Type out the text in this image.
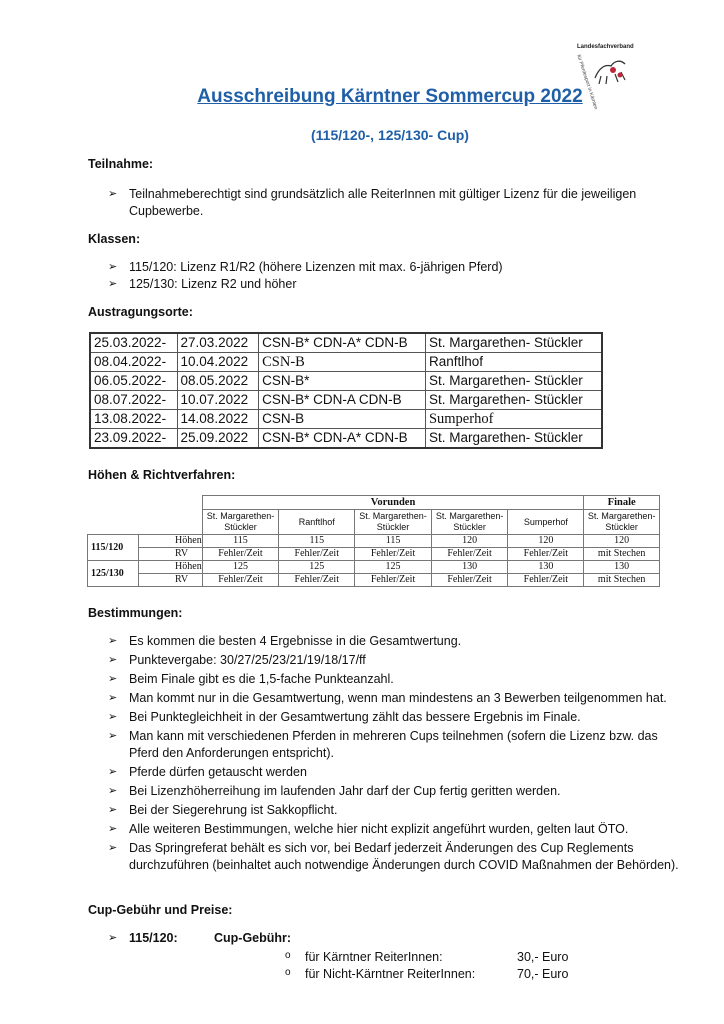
Landesfachverband
für Pferdesport in Kärnten
Ausschreibung Kärntner Sommercup 2022
(115/120-, 125/130- Cup)
Teilnahme:
➢ Teilnahmeberechtigt sind grundsätzlich alle ReiterInnen mit gültiger Lizenz für die jeweiligen Cupbewerbe.
Klassen:
➢ 115/120: Lizenz R1/R2 (höhere Lizenzen mit max. 6-jährigen Pferd)
➢ 125/130: Lizenz R2 und höher
Austragungsorte:
25.03.2022-	27.03.2022	CSN-B* CDN-A* CDN-B	St. Margarethen- Stückler
08.04.2022-	10.04.2022	CSN-B	Ranftlhof
06.05.2022-	08.05.2022	CSN-B*	St. Margarethen- Stückler
08.07.2022-	10.07.2022	CSN-B* CDN-A CDN-B	St. Margarethen- Stückler
13.08.2022-	14.08.2022	CSN-B	Sumperhof
23.09.2022-	25.09.2022	CSN-B* CDN-A* CDN-B	St. Margarethen- Stückler
Höhen & Richtverfahren:
		Vorunden					Finale
		St. Margarethen-Stückler	Ranftlhof	St. Margarethen-Stückler	St. Margarethen-Stückler	Sumperhof	St. Margarethen-Stückler
115/120	Höhen	115	115	115	120	120	120
	RV	Fehler/Zeit	Fehler/Zeit	Fehler/Zeit	Fehler/Zeit	Fehler/Zeit	mit Stechen
125/130	Höhen	125	125	125	130	130	130
	RV	Fehler/Zeit	Fehler/Zeit	Fehler/Zeit	Fehler/Zeit	Fehler/Zeit	mit Stechen
Bestimmungen:
➢ Es kommen die besten 4 Ergebnisse in die Gesamtwertung.
➢ Punktevergabe: 30/27/25/23/21/19/18/17/ff
➢ Beim Finale gibt es die 1,5-fache Punkteanzahl.
➢ Man kommt nur in die Gesamtwertung, wenn man mindestens an 3 Bewerben teilgenommen hat.
➢ Bei Punktegleichheit in der Gesamtwertung zählt das bessere Ergebnis im Finale.
➢ Man kann mit verschiedenen Pferden in mehreren Cups teilnehmen (sofern die Lizenz bzw. das Pferd den Anforderungen entspricht).
➢ Pferde dürfen getauscht werden
➢ Bei Lizenzhöherreihung im laufenden Jahr darf der Cup fertig geritten werden.
➢ Bei der Siegerehrung ist Sakkopflicht.
➢ Alle weiteren Bestimmungen, welche hier nicht explizit angeführt wurden, gelten laut ÖTO.
➢ Das Springreferat behält es sich vor, bei Bedarf jederzeit Änderungen des Cup Reglements durchzuführen (beinhaltet auch notwendige Änderungen durch COVID Maßnahmen der Behörden).
Cup-Gebühr und Preise:
➢ 115/120:	Cup-Gebühr:
o für Kärntner ReiterInnen:	30,- Euro
o für Nicht-Kärntner ReiterInnen:	70,- Euro
